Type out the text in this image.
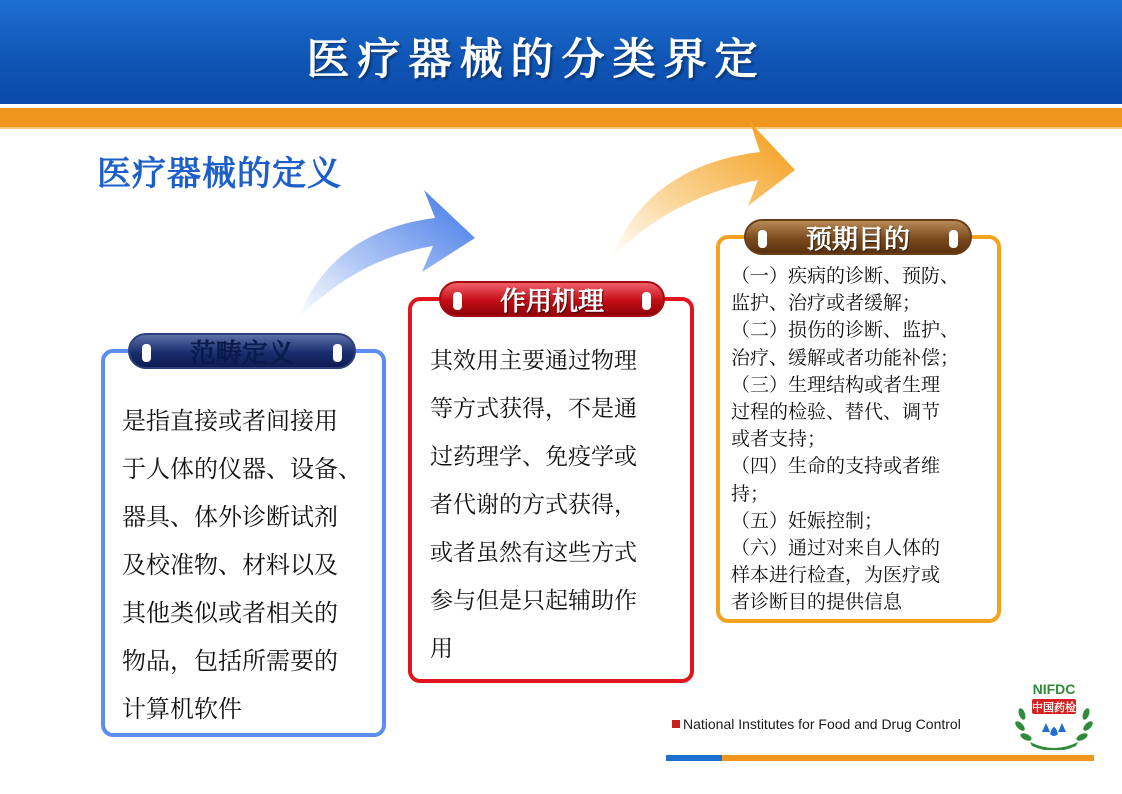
医疗器械的分类界定
医疗器械的定义
是指直接或者间接用
于人体的仪器、设备、
器具、体外诊断试剂
及校准物、材料以及
其他类似或者相关的
物品，包括所需要的
计算机软件
范畴定义	其效用主要通过物理
等方式获得，不是通
过药理学、免疫学或
者代谢的方式获得，
或者虽然有这些方式
参与但是只起辅助作
用
作用机理
（一）疾病的诊断、预防、
监护、治疗或者缓解；
（二）损伤的诊断、监护、
治疗、缓解或者功能补偿；
（三）生理结构或者生理
过程的检验、替代、调节
或者支持；
（四）生命的支持或者维
持；
（五）妊娠控制；
（六）通过对来自人体的
样本进行检查，为医疗或
者诊断目的提供信息
预期目的
National Institutes for Food and Drug Control
NIFDC
中国药检
